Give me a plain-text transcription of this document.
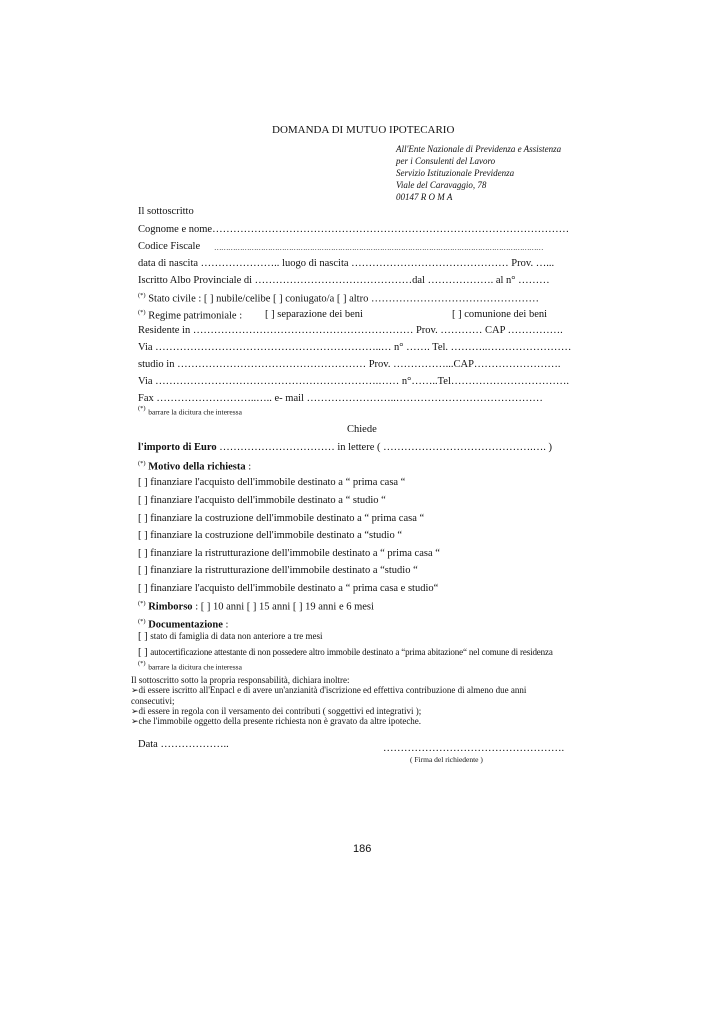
DOMANDA DI MUTUO IPOTECARIO
All'Ente Nazionale di Previdenza e Assistenza
per i Consulenti del Lavoro
Servizio Istituzionale Previdenza
Viale del Caravaggio, 78
00147 R O M A
Il sottoscritto
Cognome e nome…………………………………………………………………………………………
Codice Fiscale ……………………………………………………………………………………………………………………………
data di nascita ………………….. luogo di nascita ……………………………………… Prov. …...
Iscritto Albo Provinciale di ………………………………………dal ………………. al n° ………
(*) Stato civile : [ ] nubile/celibe [ ] coniugato/a [ ] altro …………………………………………
(*) Regime patrimoniale : [ ] separazione dei beni	[ ] comunione dei beni
Residente in ……………………………………………………… Prov. ………… CAP …………….
Via ………………………………………………………..… n° ……. Tel. ………..……………………
studio in ……………………………………………… Prov. ……………...CAP…………………….
Via ……………………………………………………….…… n°……..Tel…………………………….
Fax ………………………..….. e- mail ……………………..……………………………………
(*) barrare la dicitura che interessa
Chiede
l'importo di Euro …………………………… in lettere ( …………………………………….…. )
(*) Motivo della richiesta :
[ ] finanziare l'acquisto dell'immobile destinato a “ prima casa “
[ ] finanziare l'acquisto dell'immobile destinato a “ studio “
[ ] finanziare la costruzione dell'immobile destinato a “ prima casa “
[ ] finanziare la costruzione dell'immobile destinato a “studio “
[ ] finanziare la ristrutturazione dell'immobile destinato a “ prima casa “
[ ] finanziare la ristrutturazione dell'immobile destinato a “studio “
[ ] finanziare l'acquisto dell'immobile destinato a “ prima casa e studio“
(*) Rimborso : [ ] 10 anni [ ] 15 anni [ ] 19 anni e 6 mesi
(*) Documentazione :
[ ] stato di famiglia di data non anteriore a tre mesi
[ ] autocertificazione attestante di non possedere altro immobile destinato a “prima abitazione“ nel comune di residenza
(*) barrare la dicitura che interessa
Il sottoscritto sotto la propria responsabilità, dichiara inoltre:
➢di essere iscritto all'Enpacl e di avere un'anzianità d'iscrizione ed effettiva contribuzione di almeno due anni
consecutivi;
➢di essere in regola con il versamento dei contributi ( soggettivi ed integrativi );
➢che l'immobile oggetto della presente richiesta non è gravato da altre ipoteche.
Data ………………..	…………………………………………….
( Firma del richiedente )
186
